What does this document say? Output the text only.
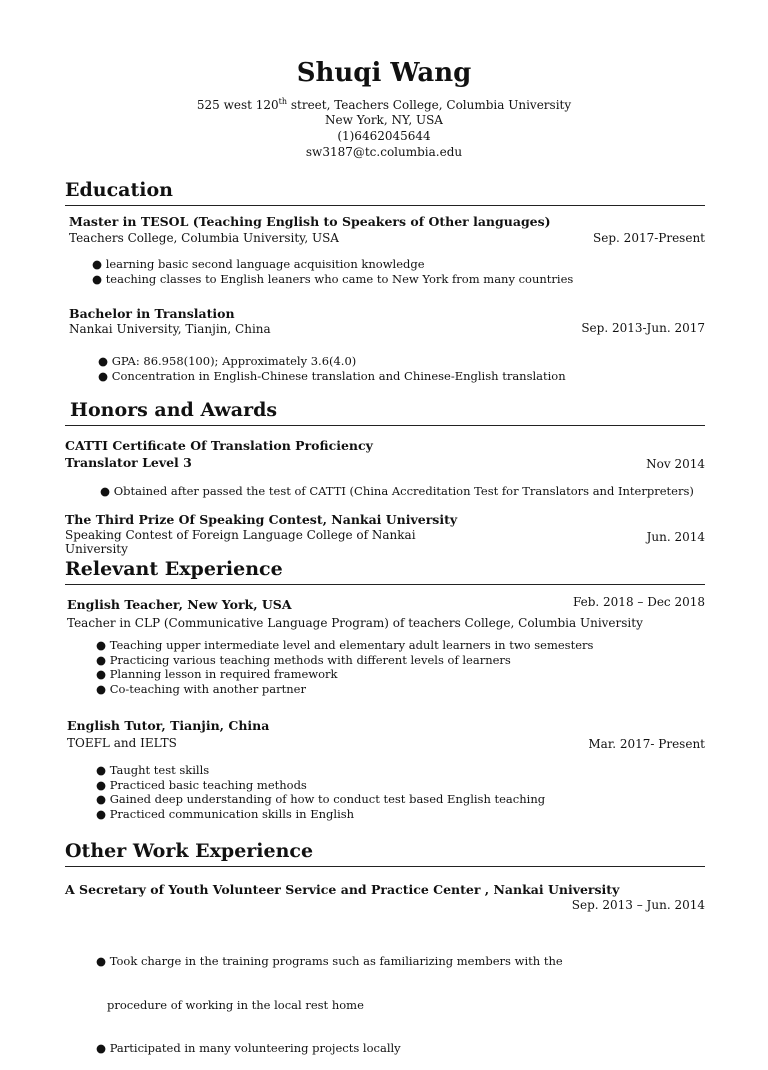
Shuqi Wang
525 west 120th street, Teachers College, Columbia University
New York, NY, USA
(1)6462045644
sw3187@tc.columbia.edu
Education
Master in TESOL (Teaching English to Speakers of Other languages)
Teachers College, Columbia University, USA	Sep. 2017-Present
● learning basic second language acquisition knowledge
● teaching classes to English leaners who came to New York from many countries
Bachelor in Translation
Nankai University, Tianjin, China	Sep. 2013-Jun. 2017
● GPA: 86.958(100); Approximately 3.6(4.0)
● Concentration in English-Chinese translation and Chinese-English translation
Honors and Awards
CATTI Certificate Of Translation Proficiency
Translator Level 3	Nov 2014
● Obtained after passed the test of CATTI (China Accreditation Test for Translators and Interpreters)
The Third Prize Of Speaking Contest, Nankai University
Speaking Contest of Foreign Language College of Nankai
University
Jun. 2014
Relevant Experience
English Teacher, New York, USA	Feb. 2018 – Dec 2018
Teacher in CLP (Communicative Language Program) of teachers College, Columbia University
● Teaching upper intermediate level and elementary adult learners in two semesters
● Practicing various teaching methods with different levels of learners
● Planning lesson in required framework
● Co-teaching with another partner
English Tutor, Tianjin, China
TOEFL and IELTS	Mar. 2017- Present
● Taught test skills
● Practiced basic teaching methods
● Gained deep understanding of how to conduct test based English teaching
● Practiced communication skills in English
Other Work Experience
A Secretary of Youth Volunteer Service and Practice Center , Nankai University
Sep. 2013 – Jun. 2014

● Took charge in the training programs such as familiarizing members with the

procedure of working in the local rest home

● Participated in many volunteering projects locally
